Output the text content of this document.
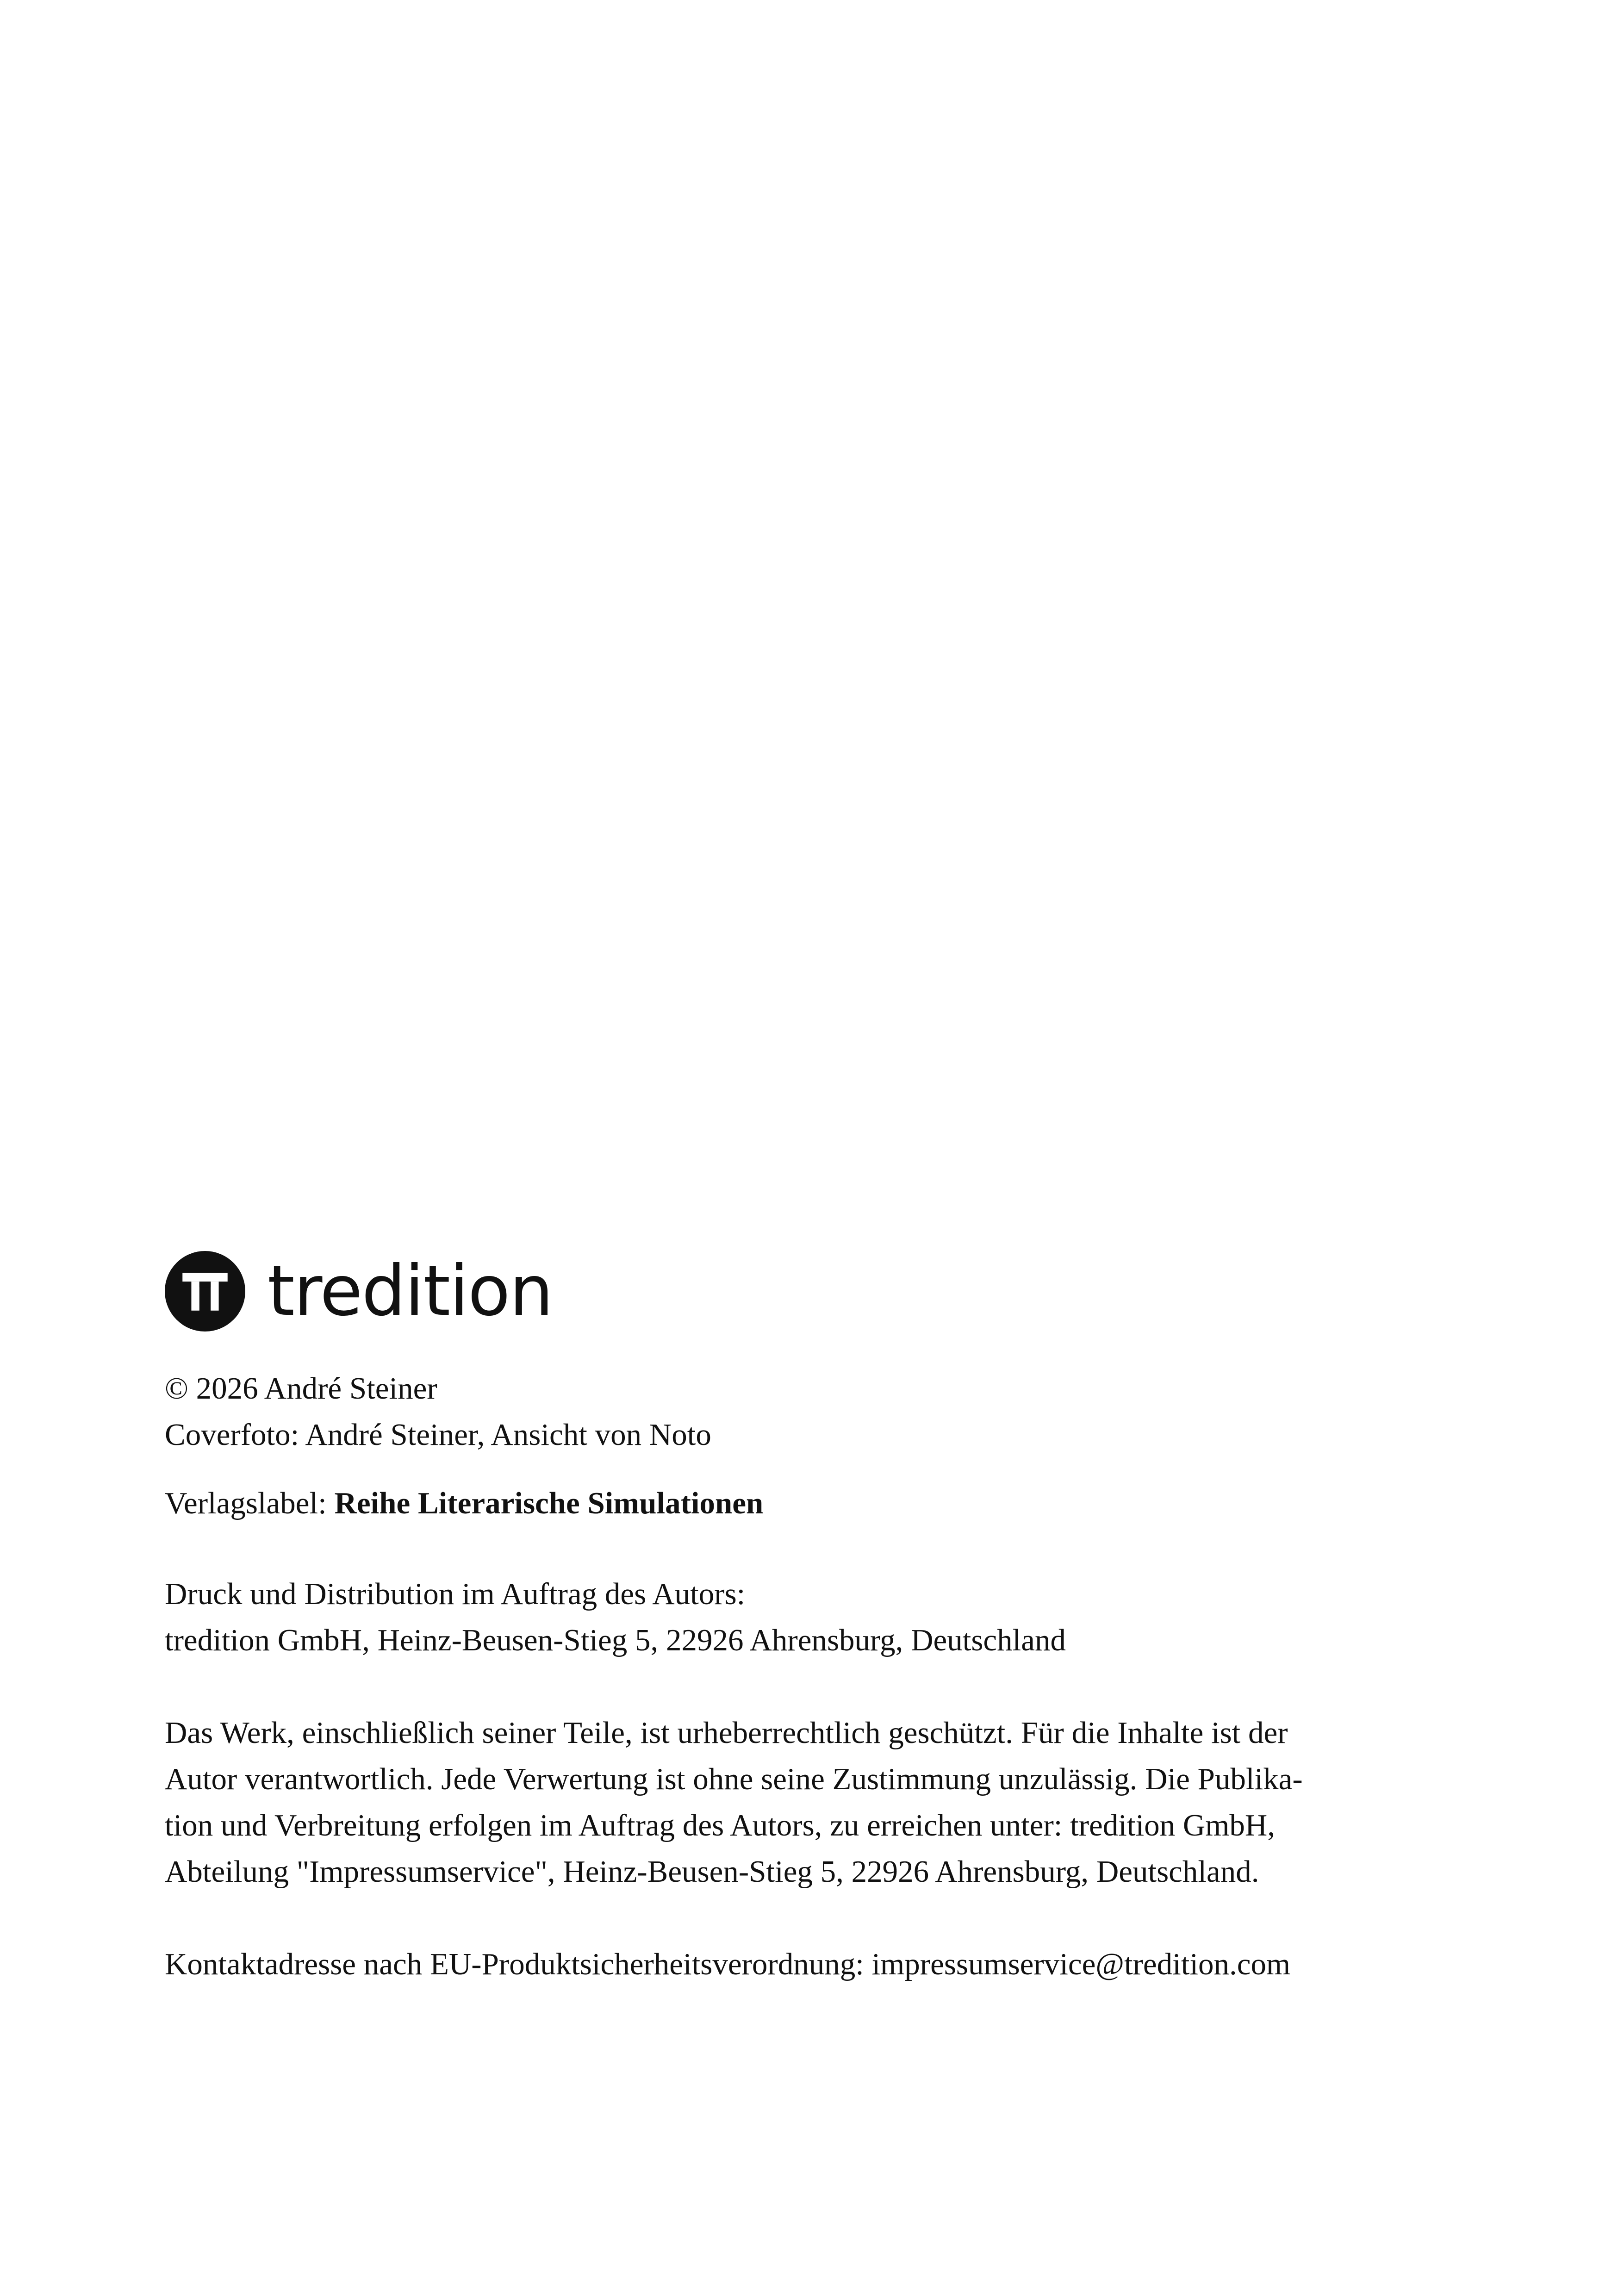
tredition

© 2026 André Steiner

Coverfoto: André Steiner, Ansicht von Noto

Verlagslabel: Reihe Literarische Simulationen

Druck und Distribution im Auftrag des Autors:

tredition GmbH, Heinz-Beusen-Stieg 5, 22926 Ahrensburg, Deutschland

Das Werk, einschließlich seiner Teile, ist urheberrechtlich geschützt. Für die Inhalte ist der

Autor verantwortlich. Jede Verwertung ist ohne seine Zustimmung unzulässig. Die Publika-

tion und Verbreitung erfolgen im Auftrag des Autors, zu erreichen unter: tredition GmbH,

Abteilung "Impressumservice", Heinz-Beusen-Stieg 5, 22926 Ahrensburg, Deutschland.

Kontaktadresse nach EU-Produktsicherheitsverordnung: impressumservice@tredition.com
